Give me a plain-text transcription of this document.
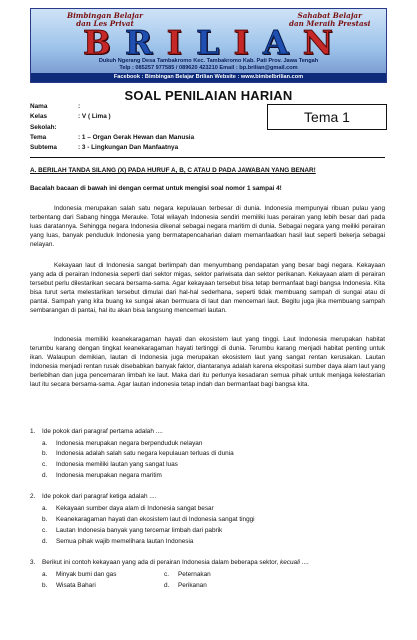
Bimbingan Belajar
dan Les Privat
Sahabat Belajar
dan Meraih Prestasi
B R I L I A N
Dukuh Ngerang Desa Tambakromo Kec. Tambakromo Kab. Pati Prov. Jawa Tengah
Telp : 085257 977585 / 089620 423210 Email : bp.brilian@gmail.com
Facebook : Bimbingan Belajar Brilian Website : www.bimbelbrilian.com
SOAL PENILAIAN HARIAN
Nama	:
Kelas	: V ( Lima )
Sekolah:
Tema	: 1 – Organ Gerak Hewan dan Manusia
Subtema	: 3 - Lingkungan Dan Manfaatnya
Tema 1
A. BERILAH TANDA SILANG (X) PADA HURUF A, B, C ATAU D PADA JAWABAN YANG BENAR!
Bacalah bacaan di bawah ini dengan cermat untuk mengisi soal nomor 1 sampai 4!

Indonesia merupakan salah satu negara kepulauan terbesar di dunia. Indonesia mempunyai ribuan pulau yang terbentang dari Sabang hingga Merauke. Total wilayah Indonesia sendiri memiliki luas perairan yang lebih besar dari pada luas daratannya. Sehingga negara Indonesia dikenal sebagai negara maritim di dunia. Sebagai negara yang meiliki perairan yang luas, banyak penduduk Indonesia yang bermatapencaharian dalam memanfaatkan hasil laut seperti bekerja sebagai nelayan.

Kekayaan laut di Indonesia sangat berlimpah dan menyumbang pendapatan yang besar bagi negara. Kekayaan yang ada di perairan Indonesia seperti dari sektor migas, sektor pariwisata dan sektor perikanan. Kekayaan alam di perairan tersebut perlu dilestarikan secara bersama-sama. Agar kekayaan tersebut bisa tetap bermanfaat bagi bangsa Indonesia. Kita bisa turut serta melestarikan tersebut dimulai dari hal-hal sederhana, seperti tidak membuang sampah di sungai atau di pantai. Sampah yang kita buang ke sungai akan bermuara di laut dan mencemari laut. Begitu juga jika membuang sampah sembarangan di pantai, hal itu akan bisa langsung mencemari lautan.

Indonesia memiliki keanekaragaman hayati dan ekosistem laut yang tinggi. Laut Indonesia merupakan habitat terumbu karang dengan tingkat keanekaragaman hayati tertinggi di dunia. Terumbu karang menjadi habitat penting untuk ikan. Walaupun demikian, lautan di Indonesia juga merupakan ekosistem laut yang sangat rentan kerusakan. Lautan Indonesia menjadi rentan rusak disebabkan banyak faktor, diantaranya adalah karena ekspoitasi sumber daya alam laut yang berlebihan dan juga pencemaran limbah ke laut. Maka dari itu perlunya kesadaran semua pihak untuk menjaga kelestarian laut itu secara bersama-sama. Agar lautan indonesia tetap indah dan bermanfaat bagi bangsa kita.

1. Ide pokok dari paragraf pertama adalah ....
a. Indonesia merupakan negara berpenduduk nelayan
b. Indonesia adalah salah satu negara kepulauan terluas di dunia
c. Indonesia memiliki lautan yang sangat luas
d. Indonesia merupakan negara maritim
2. Ide pokok dari paragraf ketiga adalah ....
a. Kekayaan sumber daya alam di Indonesia sangat besar
b. Keanekaragaman hayati dan ekosistem laut di Indonesia sangat tinggi
c. Lautan Indonesia banyak yang tercemar limbah dari pabrik
d. Semua pihak wajib memelihara lautan Indonesia
3. Berikut ini contoh kekayaan yang ada di perairan Indonesia dalam beberapa sektor, kecuali ....
a. Minyak bumi dan gas
b. Wisata Bahari
c. Peternakan
d. Perikanan
